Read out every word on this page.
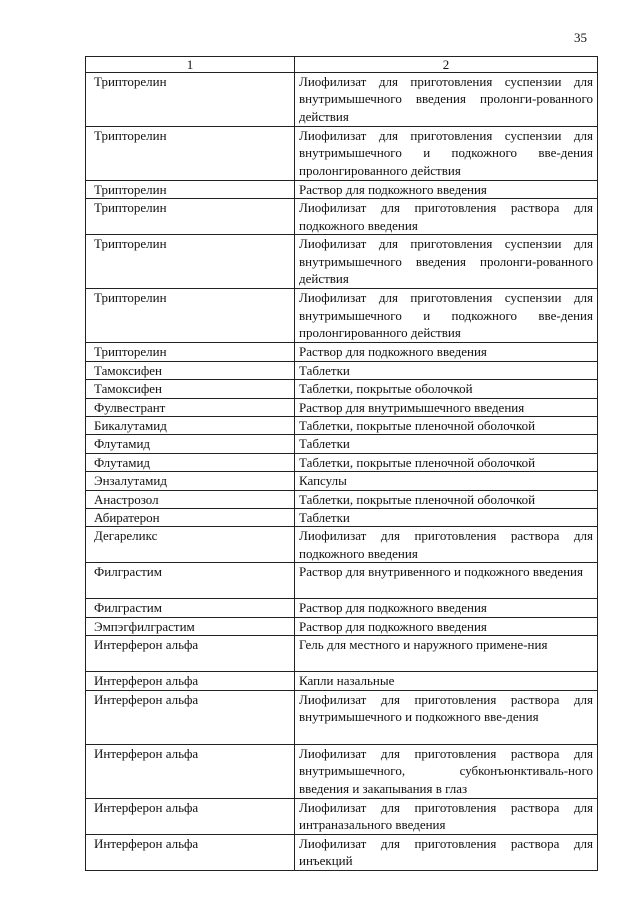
35
1	2
Трипторелин	Лиофилизат для приготовления суспензии для внутримышечного введения пролонги-рованного действия
Трипторелин	Лиофилизат для приготовления суспензии для внутримышечного и подкожного вве-дения пролонгированного действия
Трипторелин	Раствор для подкожного введения
Трипторелин	Лиофилизат для приготовления раствора для подкожного введения
Трипторелин	Лиофилизат для приготовления суспензии для внутримышечного введения пролонги-рованного действия
Трипторелин	Лиофилизат для приготовления суспензии для внутримышечного и подкожного вве-дения пролонгированного действия
Трипторелин	Раствор для подкожного введения
Тамоксифен	Таблетки
Тамоксифен	Таблетки, покрытые оболочкой
Фулвестрант	Раствор для внутримышечного введения
Бикалутамид	Таблетки, покрытые пленочной оболочкой
Флутамид	Таблетки
Флутамид	Таблетки, покрытые пленочной оболочкой
Энзалутамид	Капсулы
Анастрозол	Таблетки, покрытые пленочной оболочкой
Абиратерон	Таблетки
Дегареликс	Лиофилизат для приготовления раствора для подкожного введения
Филграстим	Раствор для внутривенного и подкожного введения
Филграстим	Раствор для подкожного введения
Эмпэгфилграстим	Раствор для подкожного введения
Интерферон альфа	Гель для местного и наружного примене-ния
Интерферон альфа	Капли назальные
Интерферон альфа	Лиофилизат для приготовления раствора для внутримышечного и подкожного вве-дения
Интерферон альфа	Лиофилизат для приготовления раствора для внутримышечного, субконъюнктиваль-ного введения и закапывания в глаз
Интерферон альфа	Лиофилизат для приготовления раствора для интраназального введения
Интерферон альфа	Лиофилизат для приготовления раствора для инъекций
